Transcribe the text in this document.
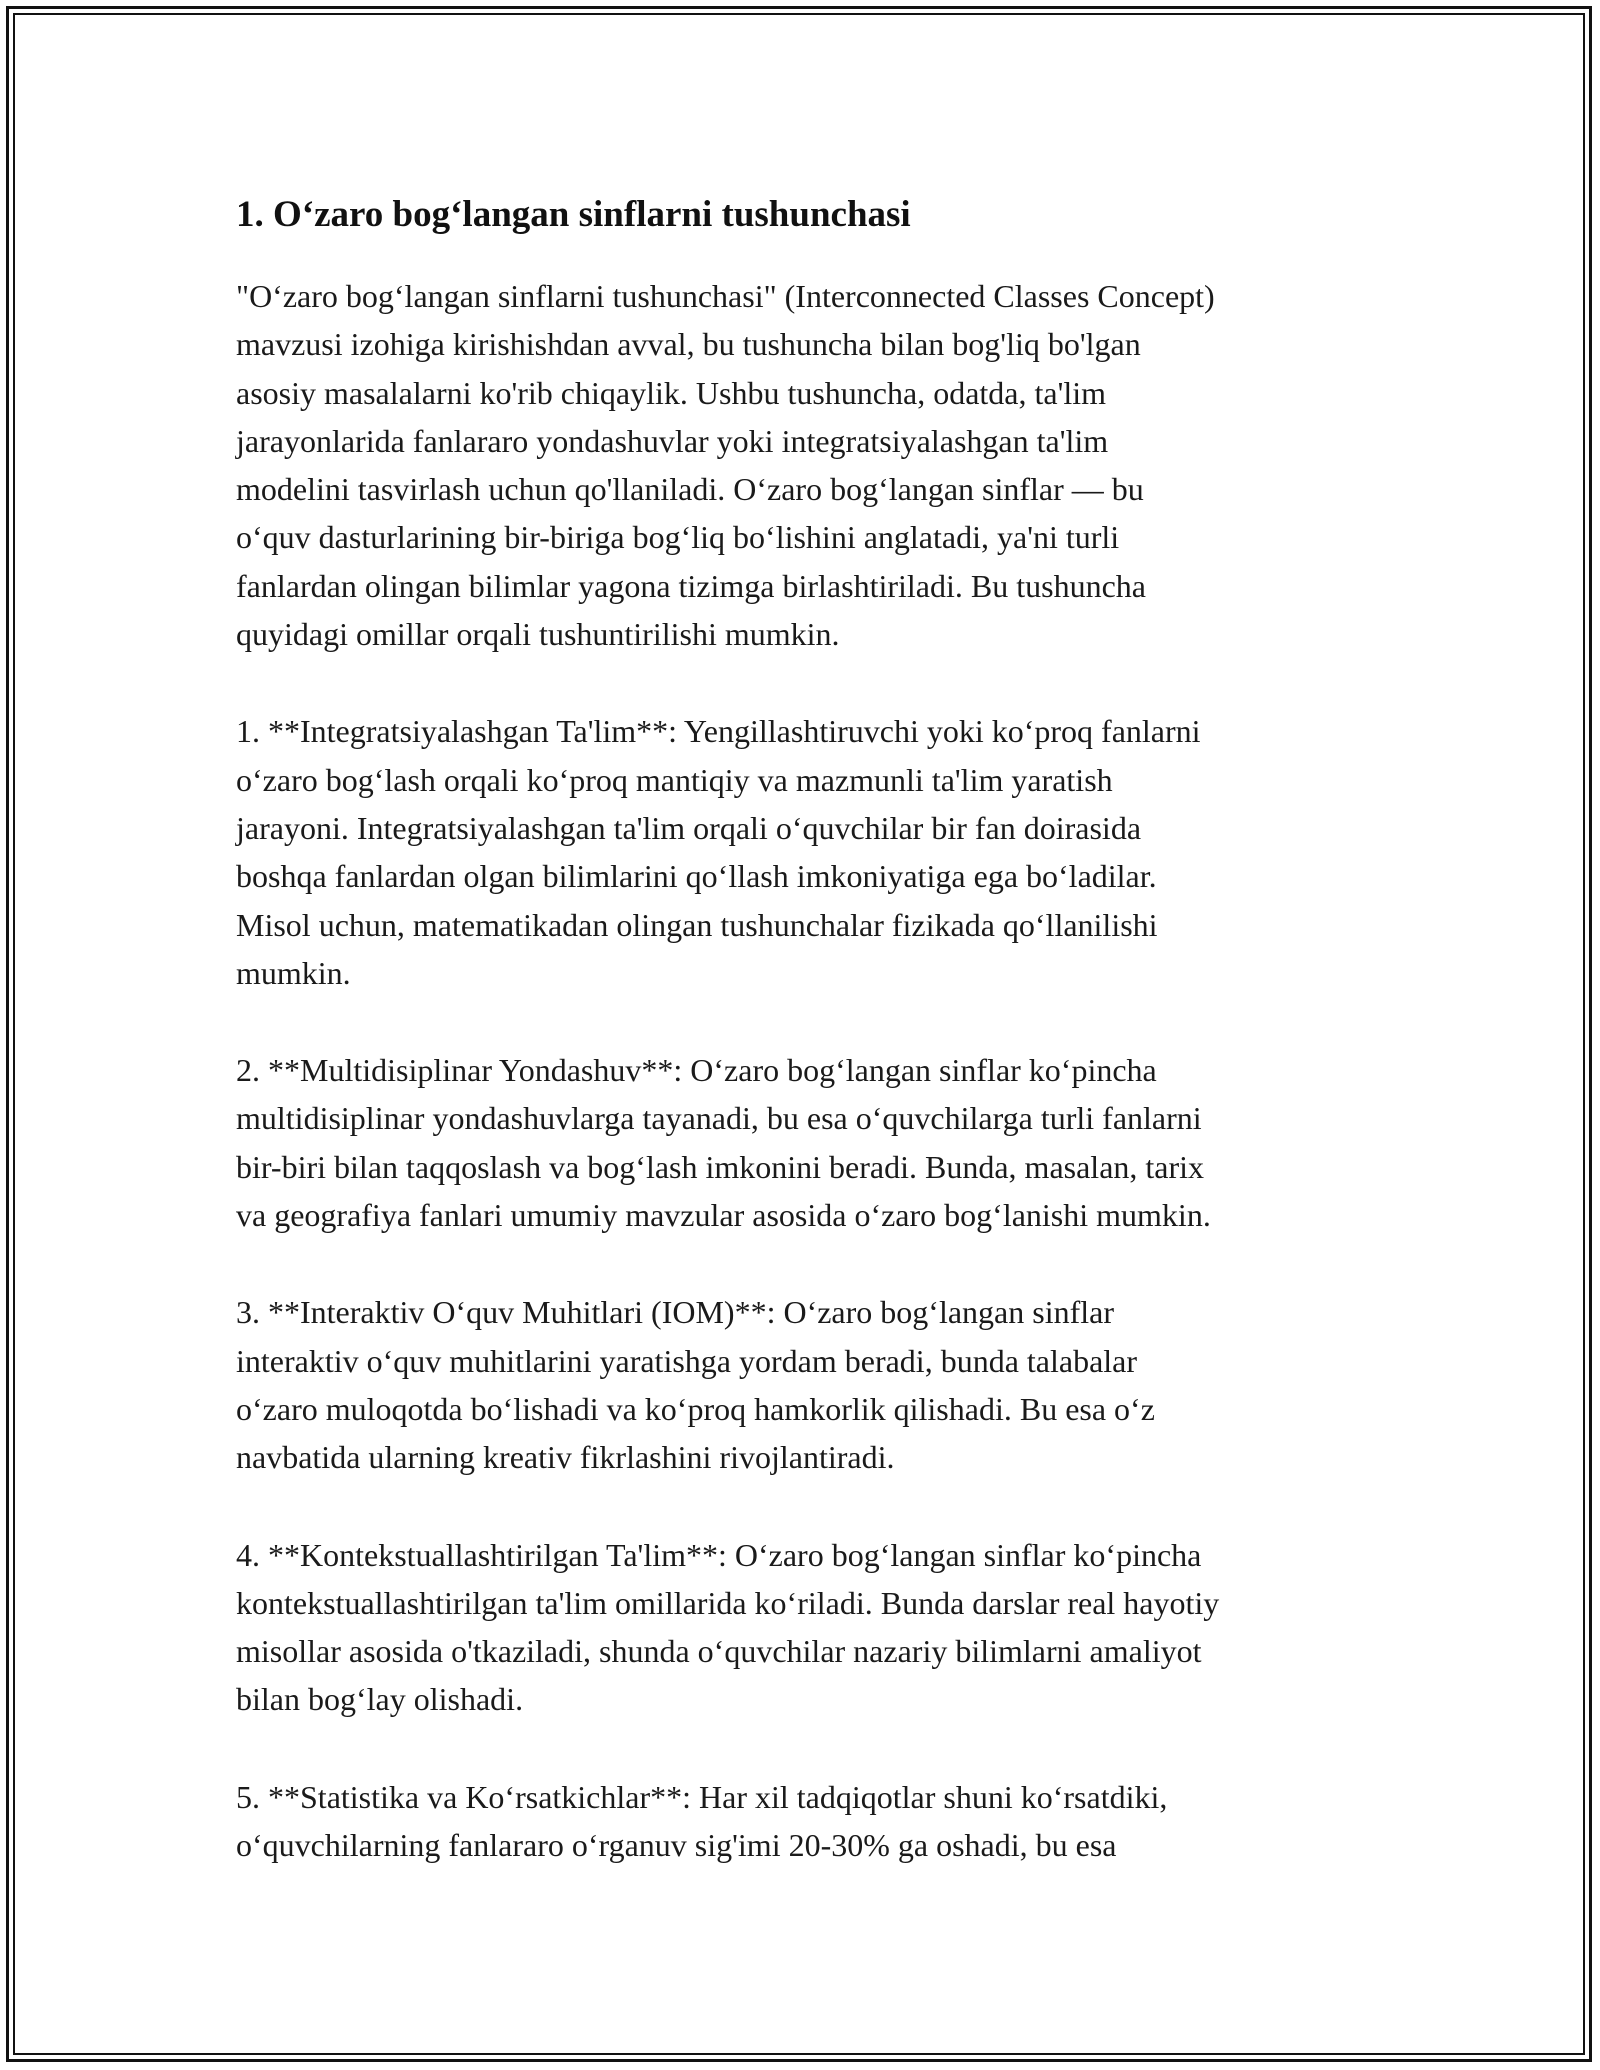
1. O‘zaro bog‘langan sinflarni tushunchasi

"O‘zaro bog‘langan sinflarni tushunchasi" (Interconnected Classes Concept)
mavzusi izohiga kirishishdan avval, bu tushuncha bilan bog'liq bo'lgan
asosiy masalalarni ko'rib chiqaylik. Ushbu tushuncha, odatda, ta'lim
jarayonlarida fanlararo yondashuvlar yoki integratsiyalashgan ta'lim
modelini tasvirlash uchun qo'llaniladi. O‘zaro bog‘langan sinflar — bu
o‘quv dasturlarining bir-biriga bog‘liq bo‘lishini anglatadi, ya'ni turli
fanlardan olingan bilimlar yagona tizimga birlashtiriladi. Bu tushuncha
quyidagi omillar orqali tushuntirilishi mumkin.

1. **Integratsiyalashgan Ta'lim**: Yengillashtiruvchi yoki ko‘proq fanlarni
o‘zaro bog‘lash orqali ko‘proq mantiqiy va mazmunli ta'lim yaratish
jarayoni. Integratsiyalashgan ta'lim orqali o‘quvchilar bir fan doirasida
boshqa fanlardan olgan bilimlarini qo‘llash imkoniyatiga ega bo‘ladilar.
Misol uchun, matematikadan olingan tushunchalar fizikada qo‘llanilishi
mumkin.

2. **Multidisiplinar Yondashuv**: O‘zaro bog‘langan sinflar ko‘pincha
multidisiplinar yondashuvlarga tayanadi, bu esa o‘quvchilarga turli fanlarni
bir-biri bilan taqqoslash va bog‘lash imkonini beradi. Bunda, masalan, tarix
va geografiya fanlari umumiy mavzular asosida o‘zaro bog‘lanishi mumkin.

3. **Interaktiv O‘quv Muhitlari (IOM)**: O‘zaro bog‘langan sinflar
interaktiv o‘quv muhitlarini yaratishga yordam beradi, bunda talabalar
o‘zaro muloqotda bo‘lishadi va ko‘proq hamkorlik qilishadi. Bu esa o‘z
navbatida ularning kreativ fikrlashini rivojlantiradi.

4. **Kontekstuallashtirilgan Ta'lim**: O‘zaro bog‘langan sinflar ko‘pincha
kontekstuallashtirilgan ta'lim omillarida ko‘riladi. Bunda darslar real hayotiy
misollar asosida o'tkaziladi, shunda o‘quvchilar nazariy bilimlarni amaliyot
bilan bog‘lay olishadi.

5. **Statistika va Ko‘rsatkichlar**: Har xil tadqiqotlar shuni ko‘rsatdiki,
o‘quvchilarning fanlararo o‘rganuv sig'imi 20-30% ga oshadi, bu esa
